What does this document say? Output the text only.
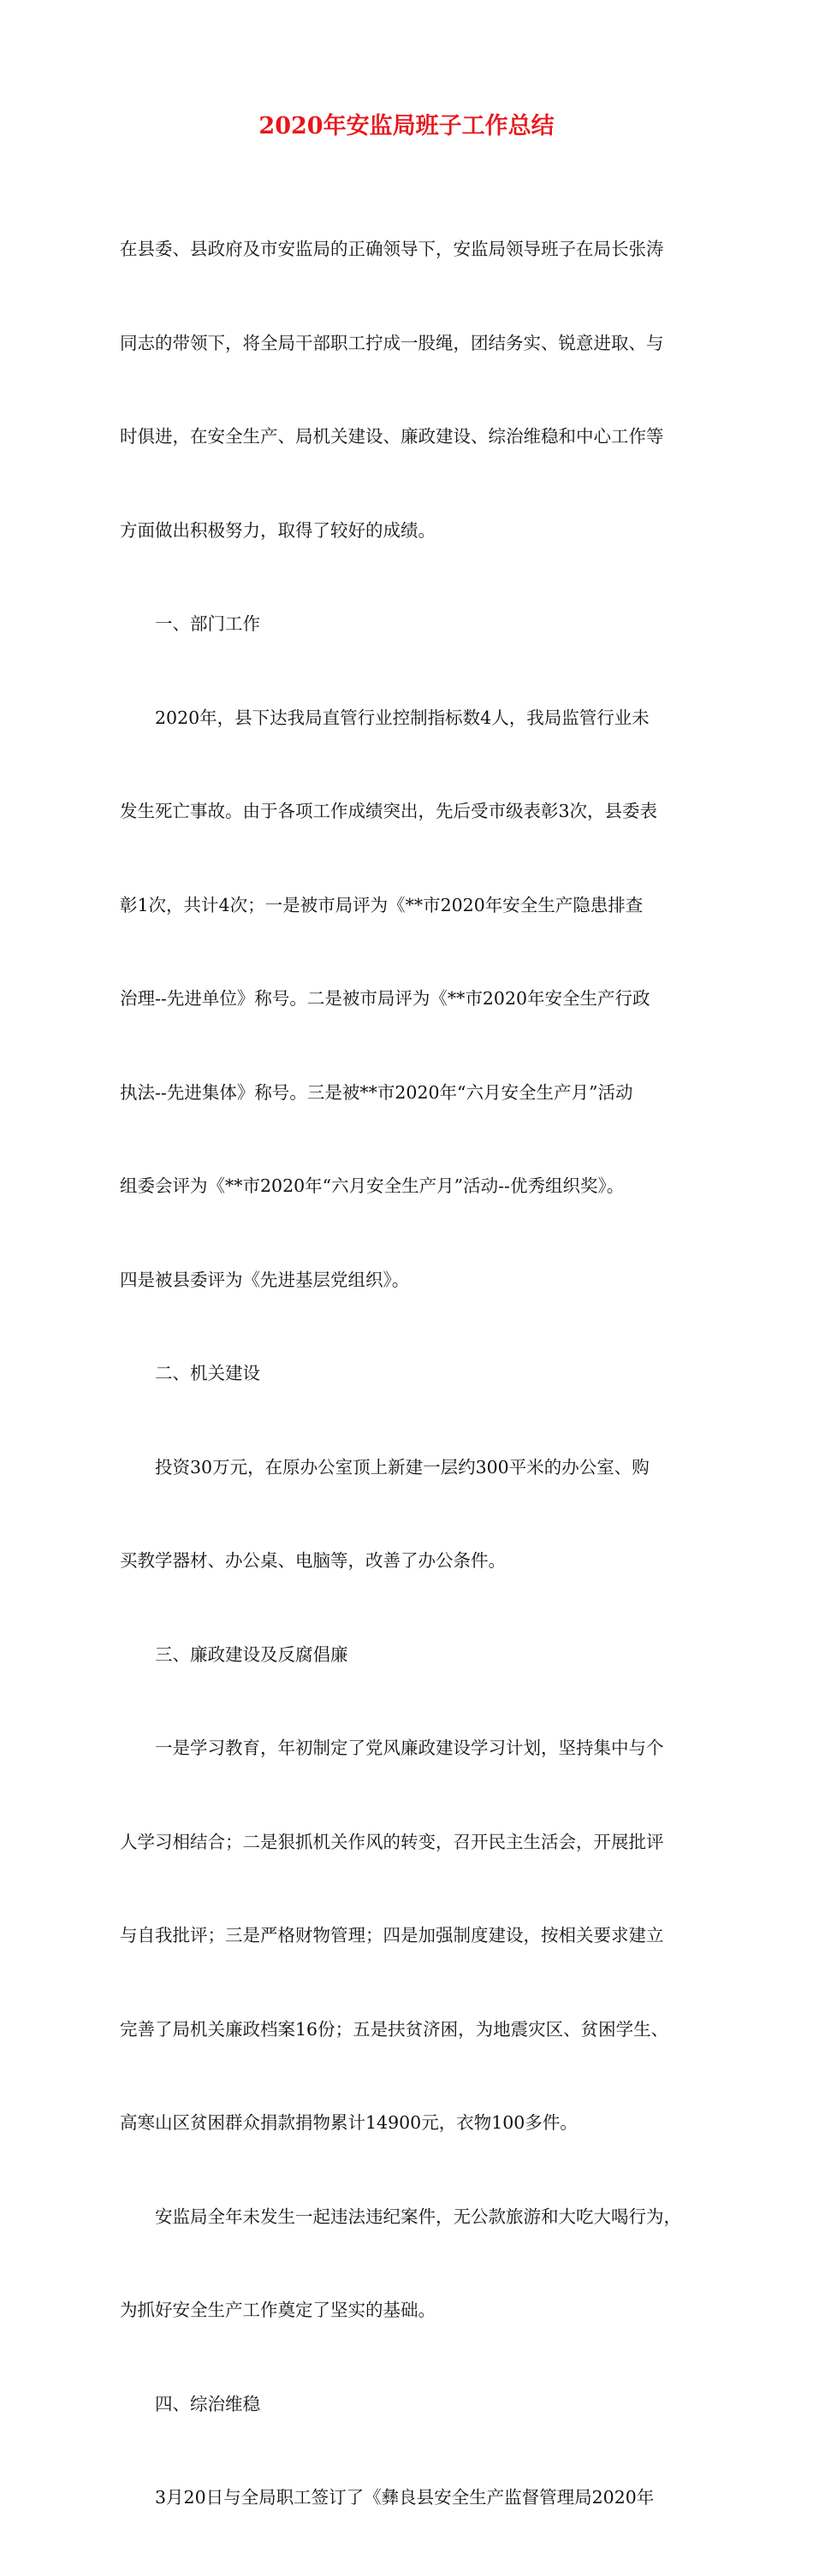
2020年安监局班子工作总结

在县委、县政府及市安监局的正确领导下，安监局领导班子在局长张涛

同志的带领下，将全局干部职工拧成一股绳，团结务实、锐意进取、与

时俱进，在安全生产、局机关建设、廉政建设、综治维稳和中心工作等

方面做出积极努力，取得了较好的成绩。

一、部门工作

2020年，县下达我局直管行业控制指标数4人，我局监管行业未

发生死亡事故。由于各项工作成绩突出，先后受市级表彰3次，县委表

彰1次，共计4次；一是被市局评为《**市2020年安全生产隐患排查

治理--先进单位》称号。二是被市局评为《**市2020年安全生产行政

执法--先进集体》称号。三是被**市2020年“六月安全生产月”活动

组委会评为《**市2020年“六月安全生产月”活动--优秀组织奖》。

四是被县委评为《先进基层党组织》。

二、机关建设

投资30万元，在原办公室顶上新建一层约300平米的办公室、购

买教学器材、办公桌、电脑等，改善了办公条件。

三、廉政建设及反腐倡廉

一是学习教育，年初制定了党风廉政建设学习计划，坚持集中与个

人学习相结合；二是狠抓机关作风的转变，召开民主生活会，开展批评

与自我批评；三是严格财物管理；四是加强制度建设，按相关要求建立

完善了局机关廉政档案16份；五是扶贫济困，为地震灾区、贫困学生、

高寒山区贫困群众捐款捐物累计14900元，衣物100多件。

安监局全年未发生一起违法违纪案件，无公款旅游和大吃大喝行为，

为抓好安全生产工作奠定了坚实的基础。

四、综治维稳

3月20日与全局职工签订了《彝良县安全生产监督管理局2020年
